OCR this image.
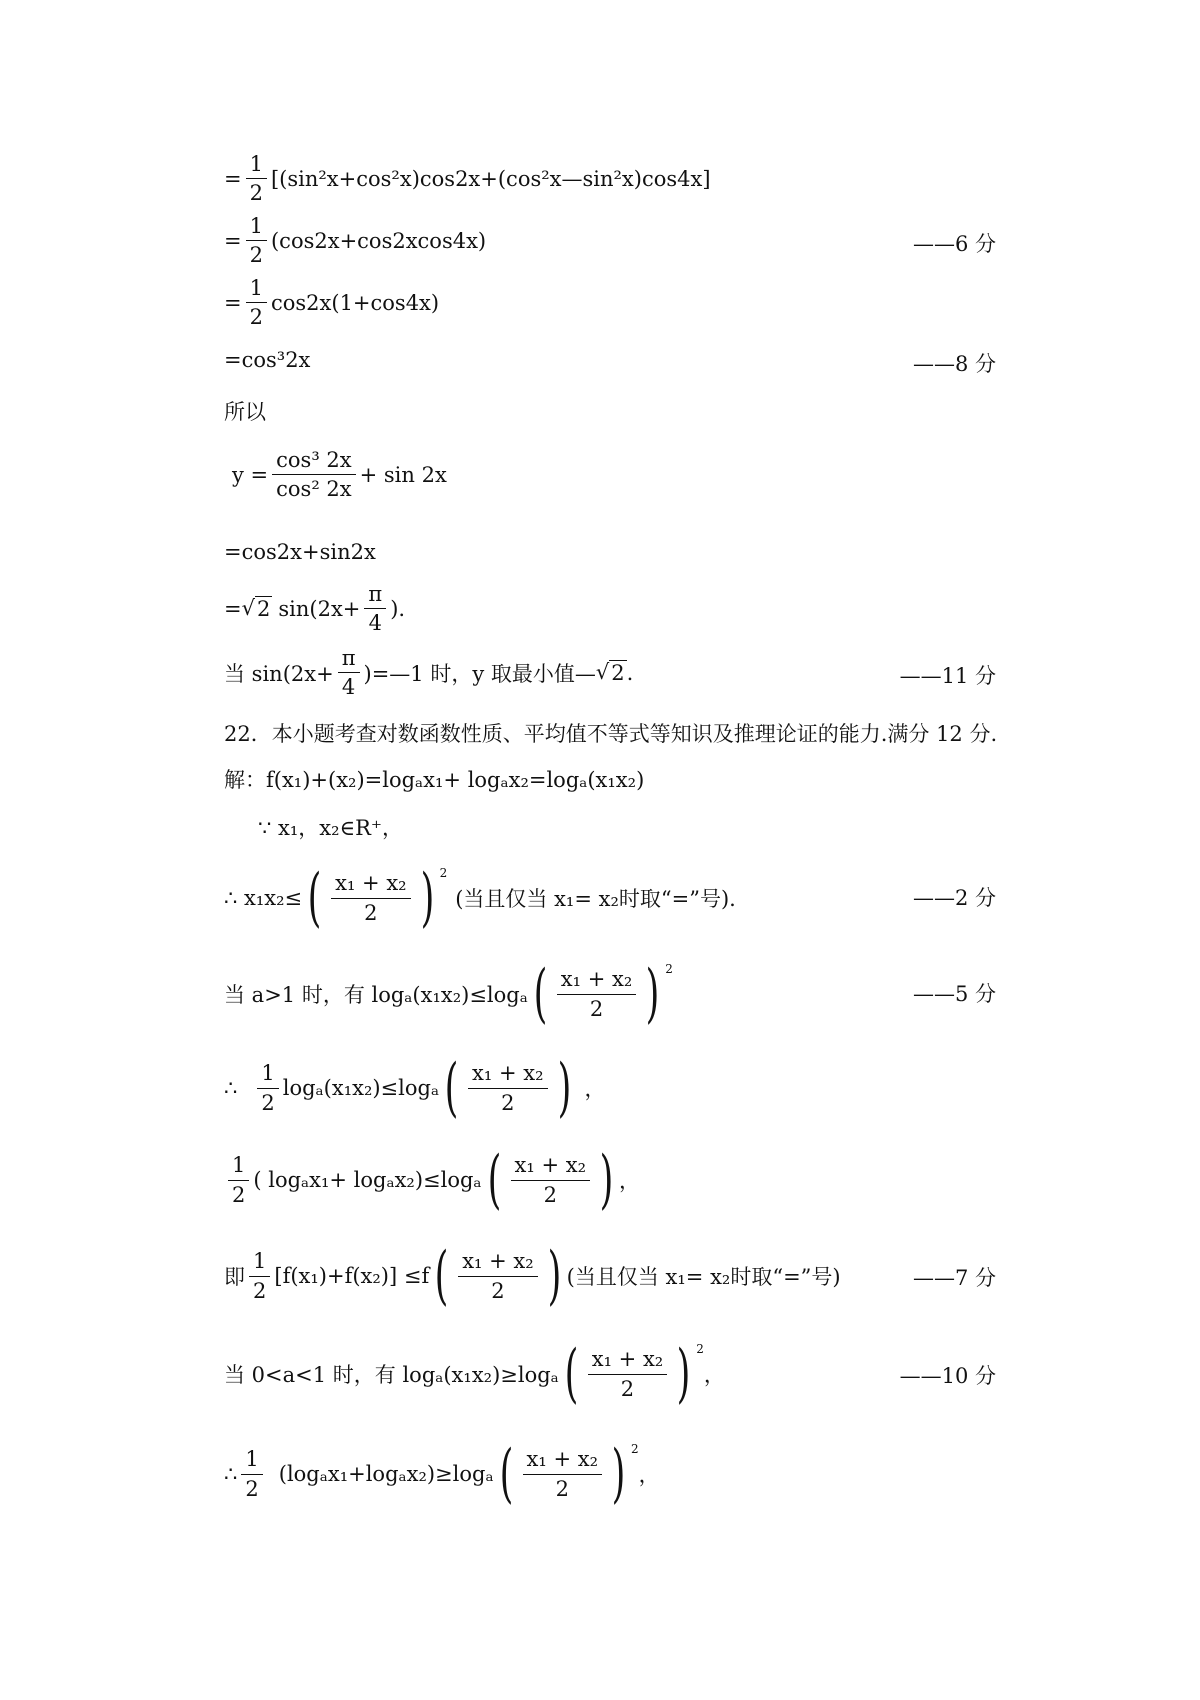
= $\frac{1}{2}$ [(sin²x+cos²x)cos2x+(cos²x—sin²x)cos4x]
= $\frac{1}{2} (\cos 2x+\cos 2xcos4x)$	——6 分
= $\frac{1}{2} \cos 2x(1+\cos 4x)$
=cos³2x	——8 分
所以
$y = \frac{\text{cos³ 2x}}{\text{cos² 2x}} + \sin 2x$
=cos2x+sin2x
= √ 2 $\sin(2x+ \frac{\pi}{4}$ ).
当 $\sin(2x+ \frac{\pi}{4}$ )=—1 时，y 取最小值— √ 2 .	——11 分
22．本小题考查对数函数性质、平均值不等式等知识及推理论证的能力.满分 12 分.
解：f(x₁)+(x₂)=logₐx₁+ logₐx₂=logₐ(x₁x₂)
∵ x₁，x₂∈R⁺，
∴ x₁x₂≤ ( $\frac{\text{x₁ + x₂}}{2}$ ) 2
(当且仅当 x₁= x₂时取“=”号).	——2 分
当 a>1 时，有 logₐ(x₁x₂)≤logₐ ( $\frac{\text{x₁ + x₂}}{2}$ ) 2
——5 分
∴ $\frac{1}{2} \log_a(x_1x_2)\le\log_a$ ( $\frac{\text{x₁ + x₂}}{2}$ ) ，
$\frac{1}{2}$ ( logₐx₁+ logₐx₂)≤logₐ ( $\frac{\text{x₁ + x₂}}{2}$ ) ，
即 $\frac{1}{2} [f(x_1)+f(x_2)] \le f$ ( $\frac{\text{x₁ + x₂}}{2}$ ) (当且仅当 x₁= x₂时取“=”号)	——7 分
当 0<a<1 时，有 logₐ(x₁x₂)≥logₐ ( $\frac{\text{x₁ + x₂}}{2}$ ) 2
，	——10 分
∴ $\frac{1}{2} (\log_ax_1+\log_ax_2)\ge\log_a$ ( $\frac{\text{x₁ + x₂}}{2}$ ) 2
，
